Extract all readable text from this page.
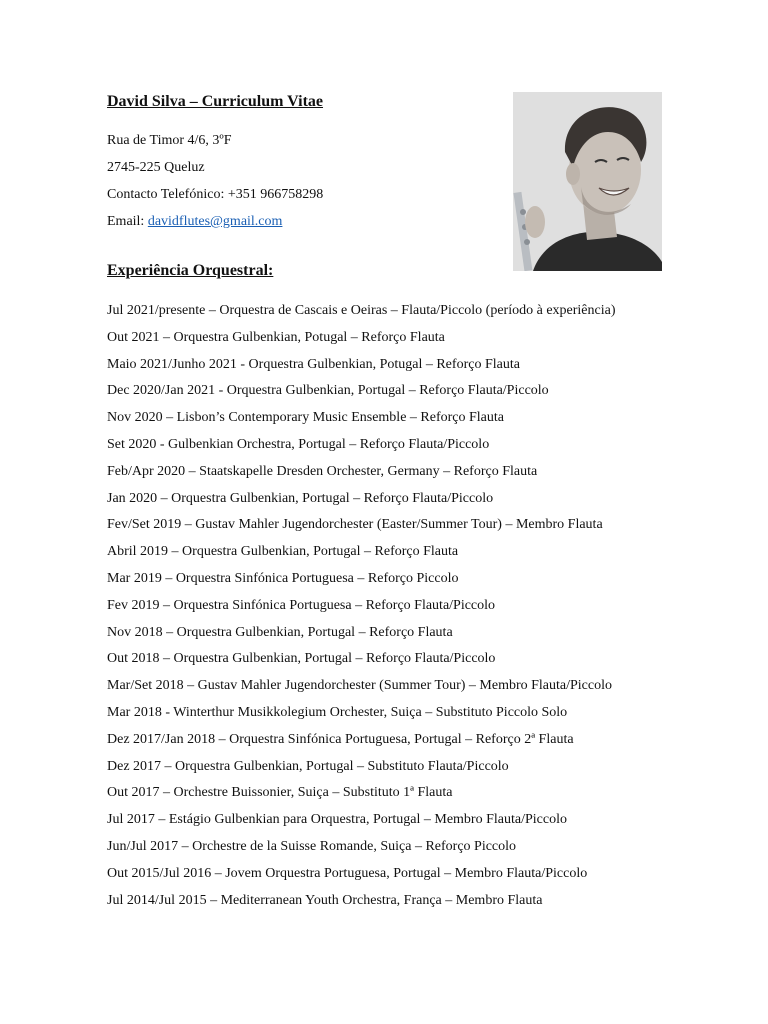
David Silva – Curriculum Vitae

Rua de Timor 4/6, 3ºF

2745-225 Queluz

Contacto Telefónico: +351 966758298

Email: davidflutes@gmail.com

Experiência Orquestral:
Jul 2021/presente – Orquestra de Cascais e Oeiras – Flauta/Piccolo (período à experiência)
Out 2021 – Orquestra Gulbenkian, Potugal – Reforço Flauta
Maio 2021/Junho 2021 - Orquestra Gulbenkian, Potugal – Reforço Flauta
Dec 2020/Jan 2021 - Orquestra Gulbenkian, Portugal – Reforço Flauta/Piccolo
Nov 2020 – Lisbon’s Contemporary Music Ensemble – Reforço Flauta
Set 2020 - Gulbenkian Orchestra, Portugal – Reforço Flauta/Piccolo
Feb/Apr 2020 – Staatskapelle Dresden Orchester, Germany – Reforço Flauta
Jan 2020 – Orquestra Gulbenkian, Portugal – Reforço Flauta/Piccolo
Fev/Set 2019 – Gustav Mahler Jugendorchester (Easter/Summer Tour) – Membro Flauta
Abril 2019 – Orquestra Gulbenkian, Portugal – Reforço Flauta
Mar 2019 – Orquestra Sinfónica Portuguesa – Reforço Piccolo
Fev 2019 – Orquestra Sinfónica Portuguesa – Reforço Flauta/Piccolo
Nov 2018 – Orquestra Gulbenkian, Portugal – Reforço Flauta
Out 2018 – Orquestra Gulbenkian, Portugal – Reforço Flauta/Piccolo
Mar/Set 2018 – Gustav Mahler Jugendorchester (Summer Tour) – Membro Flauta/Piccolo
Mar 2018 - Winterthur Musikkolegium Orchester, Suiça – Substituto Piccolo Solo
Dez 2017/Jan 2018 – Orquestra Sinfónica Portuguesa, Portugal – Reforço 2ª Flauta
Dez 2017 – Orquestra Gulbenkian, Portugal – Substituto Flauta/Piccolo
Out 2017 – Orchestre Buissonier, Suiça – Substituto 1ª Flauta
Jul 2017 – Estágio Gulbenkian para Orquestra, Portugal – Membro Flauta/Piccolo
Jun/Jul 2017 – Orchestre de la Suisse Romande, Suiça – Reforço Piccolo
Out 2015/Jul 2016 – Jovem Orquestra Portuguesa, Portugal – Membro Flauta/Piccolo
Jul 2014/Jul 2015 – Mediterranean Youth Orchestra, França – Membro Flauta
